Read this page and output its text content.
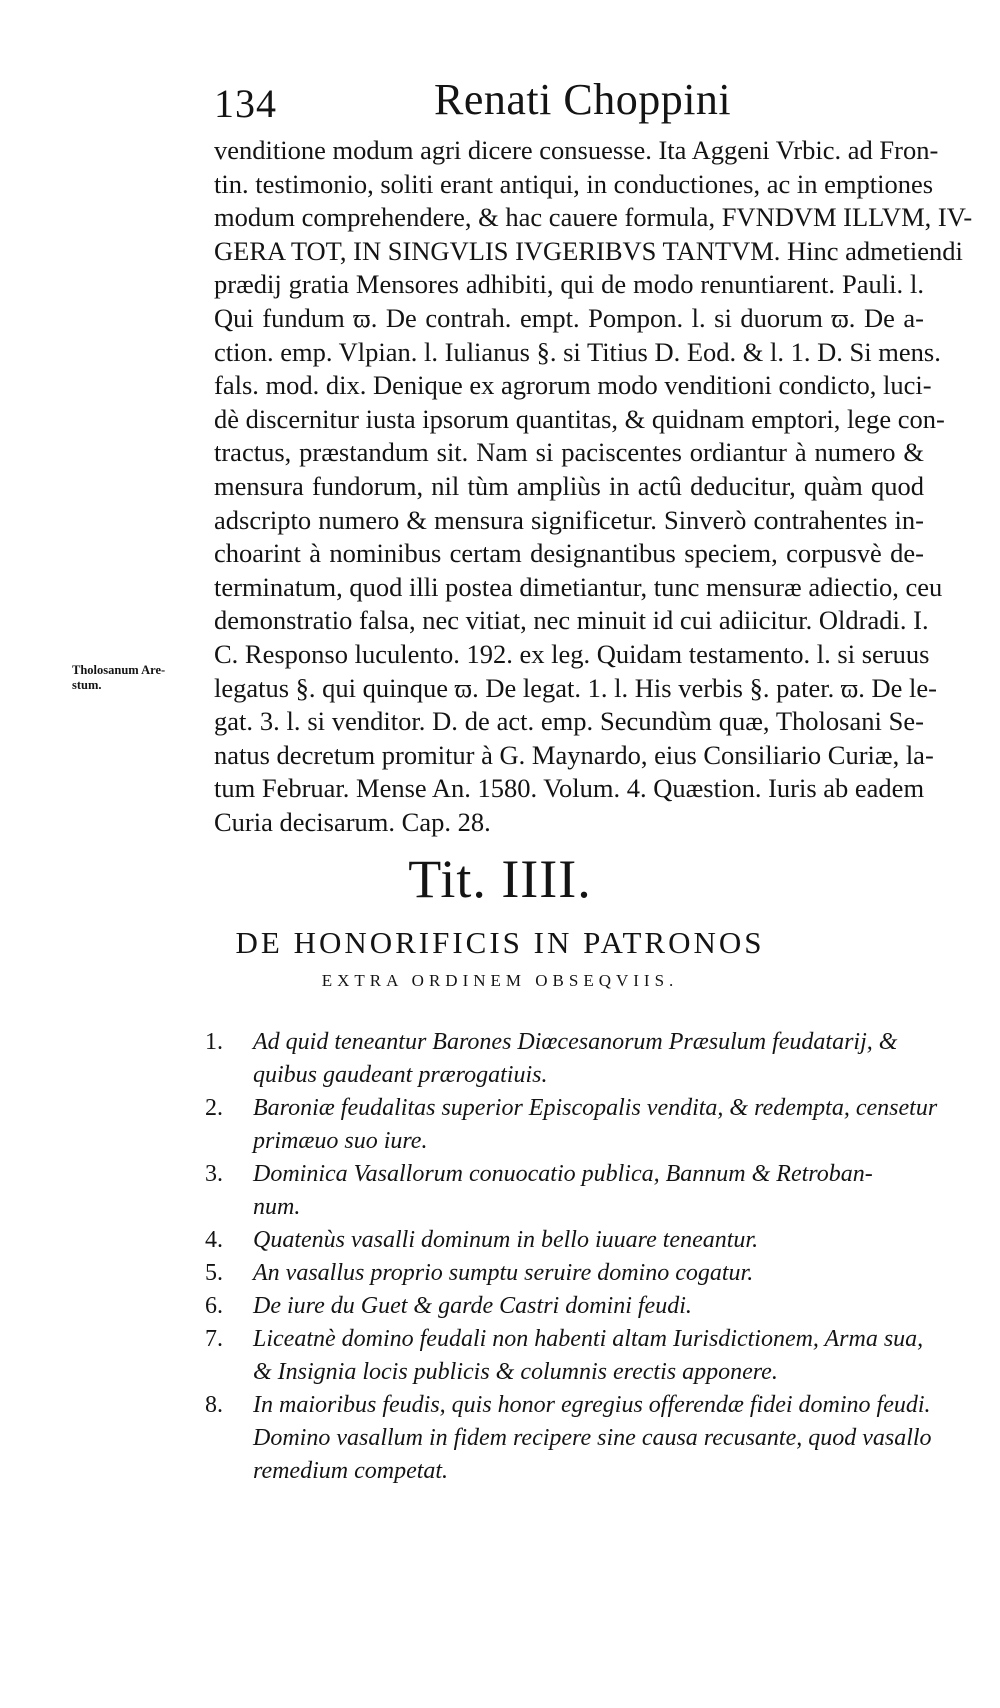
134	Renati Choppini
venditione modum agri dicere consuesse. Ita Aggeni Vrbic. ad Fron-
tin. testimonio, soliti erant antiqui, in conductiones, ac in emptiones
modum comprehendere, & hac cauere formula, FVNDVM ILLVM, IV-
GERA TOT, IN SINGVLIS IVGERIBVS TANTVM. Hinc admetiendi
prædij gratia Mensores adhibiti, qui de modo renuntiarent. Pauli. l.
Qui fundum ϖ. De contrah. empt. Pompon. l. si duorum ϖ. De a-
ction. emp. Vlpian. l. Iulianus §. si Titius D. Eod. & l. 1. D. Si mens.
fals. mod. dix. Denique ex agrorum modo venditioni condicto, luci-
dè discernitur iusta ipsorum quantitas, & quidnam emptori, lege con-
tractus, præstandum sit. Nam si paciscentes ordiantur à numero &
mensura fundorum, nil tùm ampliùs in actû deducitur, quàm quod
adscripto numero & mensura significetur. Sinverò contrahentes in-
choarint à nominibus certam designantibus speciem, corpusvè de-
terminatum, quod illi postea dimetiantur, tunc mensuræ adiectio, ceu
demonstratio falsa, nec vitiat, nec minuit id cui adiicitur. Oldradi. I.
C. Responso luculento. 192. ex leg. Quidam testamento. l. si seruus
legatus §. qui quinque ϖ. De legat. 1. l. His verbis §. pater. ϖ. De le-
gat. 3. l. si venditor. D. de act. emp. Secundùm quæ, Tholosani Se-
natus decretum promitur à G. Maynardo, eius Consiliario Curiæ, la-
tum Februar. Mense An. 1580. Volum. 4. Quæstion. Iuris ab eadem
Curia decisarum. Cap. 28.
Tholosanum Are-
stum.
Tit. IIII.
DE HONORIFICIS IN PATRONOS
EXTRA ORDINEM OBSEQVIIS.
1. Ad quid teneantur Barones Diœcesanorum Præsulum feudatarij, &
quibus gaudeant prærogatiuis.
2. Baroniæ feudalitas superior Episcopalis vendita, & redempta, censetur
primæuo suo iure.
3. Dominica Vasallorum conuocatio publica, Bannum & Retroban-
num.
4. Quatenùs vasalli dominum in bello iuuare teneantur.
5. An vasallus proprio sumptu seruire domino cogatur.
6. De iure du Guet & garde Castri domini feudi.
7. Liceatnè domino feudali non habenti altam Iurisdictionem, Arma sua,
& Insignia locis publicis & columnis erectis apponere.
8. In maioribus feudis, quis honor egregius offerendæ fidei domino feudi.
Domino vasallum in fidem recipere sine causa recusante, quod vasallo
remedium competat.
